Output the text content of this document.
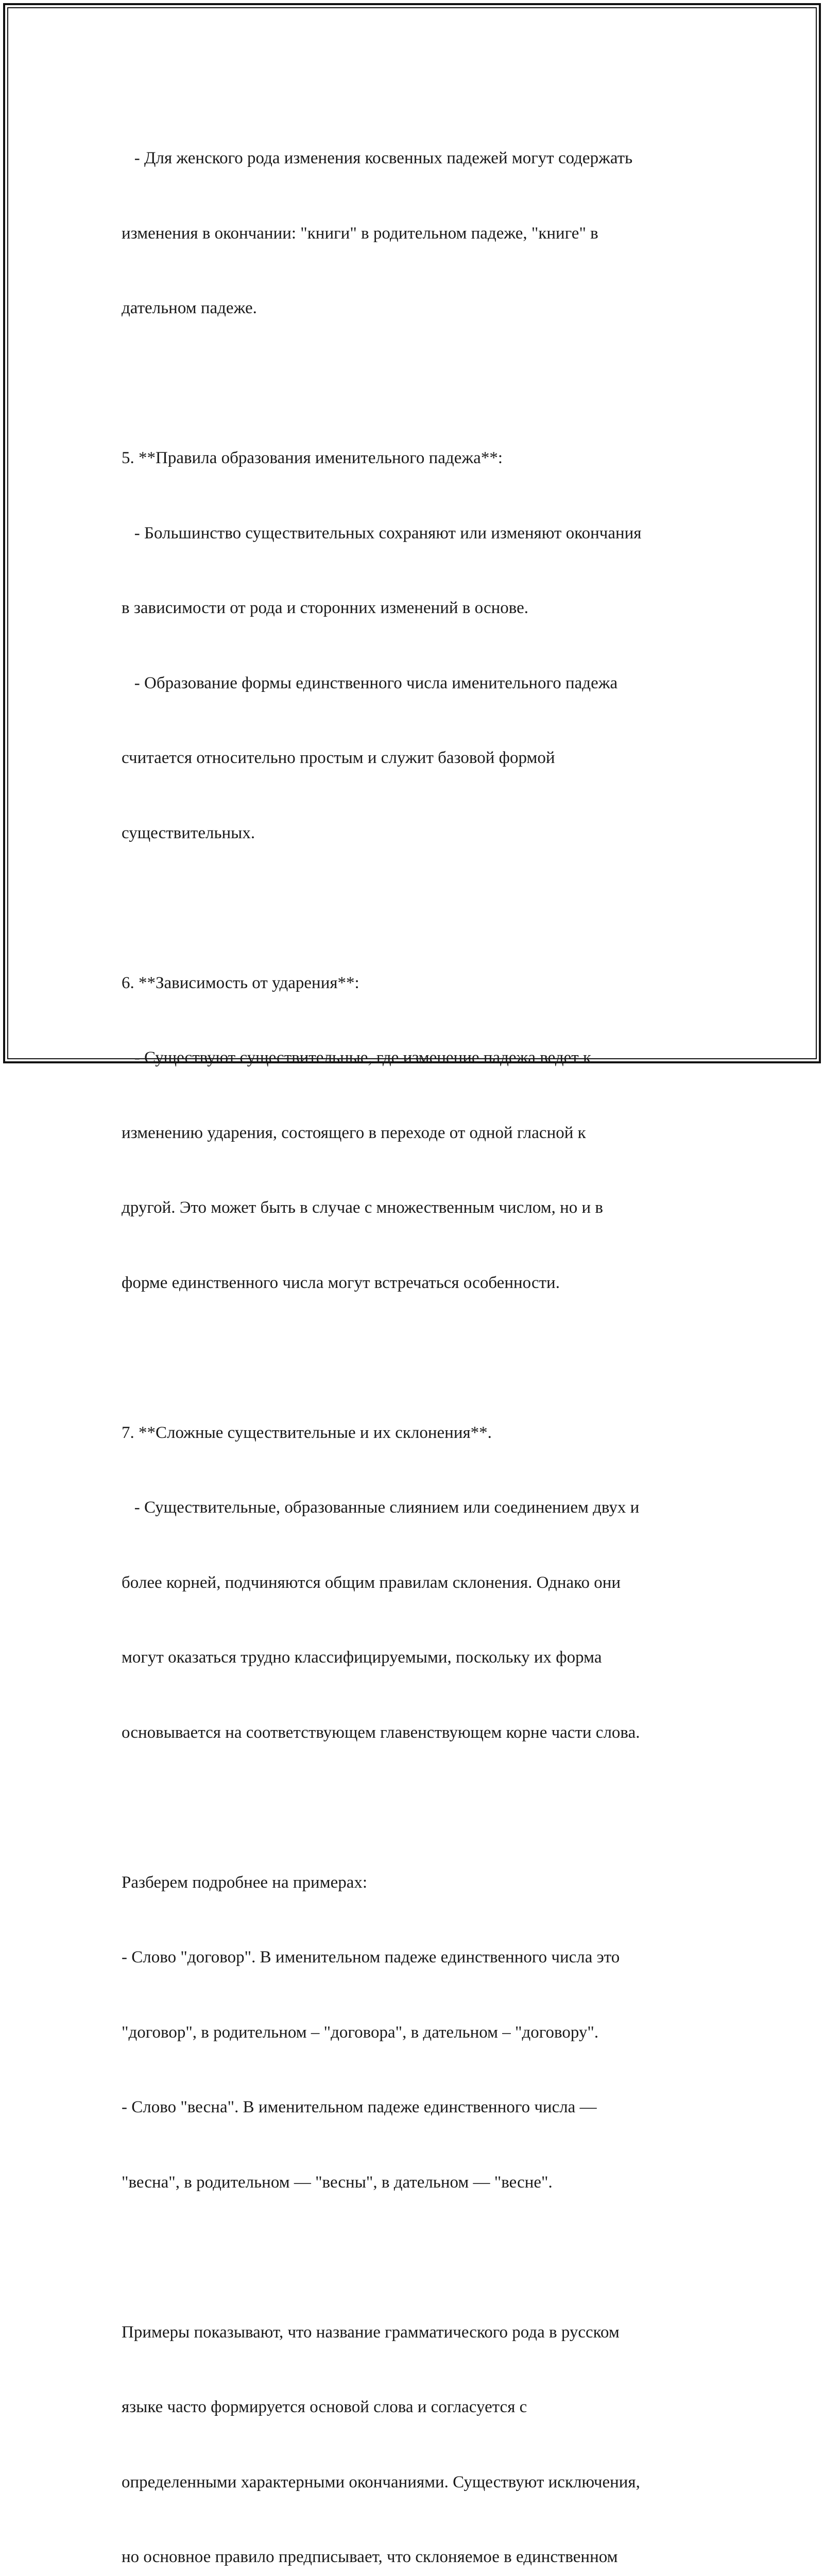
- Для женского рода изменения косвенных падежей могут содержать

изменения в окончании: "книги" в родительном падеже, "книге" в

дательном падеже.

5. **Правила образования именительного падежа**:

- Большинство существительных сохраняют или изменяют окончания

в зависимости от рода и сторонних изменений в основе.

- Образование формы единственного числа именительного падежа

считается относительно простым и служит базовой формой

существительных.

6. **Зависимость от ударения**:

- Существуют существительные, где изменение падежа ведет к

изменению ударения, состоящего в переходе от одной гласной к

другой. Это может быть в случае с множественным числом, но и в

форме единственного числа могут встречаться особенности.

7. **Сложные существительные и их склонения**.

- Существительные, образованные слиянием или соединением двух и

более корней, подчиняются общим правилам склонения. Однако они

могут оказаться трудно классифицируемыми, поскольку их форма

основывается на соответствующем главенствующем корне части слова.

Разберем подробнее на примерах:

- Слово "договор". В именительном падеже единственного числа это

"договор", в родительном – "договора", в дательном – "договору".

- Слово "весна". В именительном падеже единственного числа —

"весна", в родительном — "весны", в дательном — "весне".

Примеры показывают, что название грамматического рода в русском

языке часто формируется основой слова и согласуется с

определенными характерными окончаниями. Существуют исключения,

но основное правило предписывает, что склоняемое в единственном
